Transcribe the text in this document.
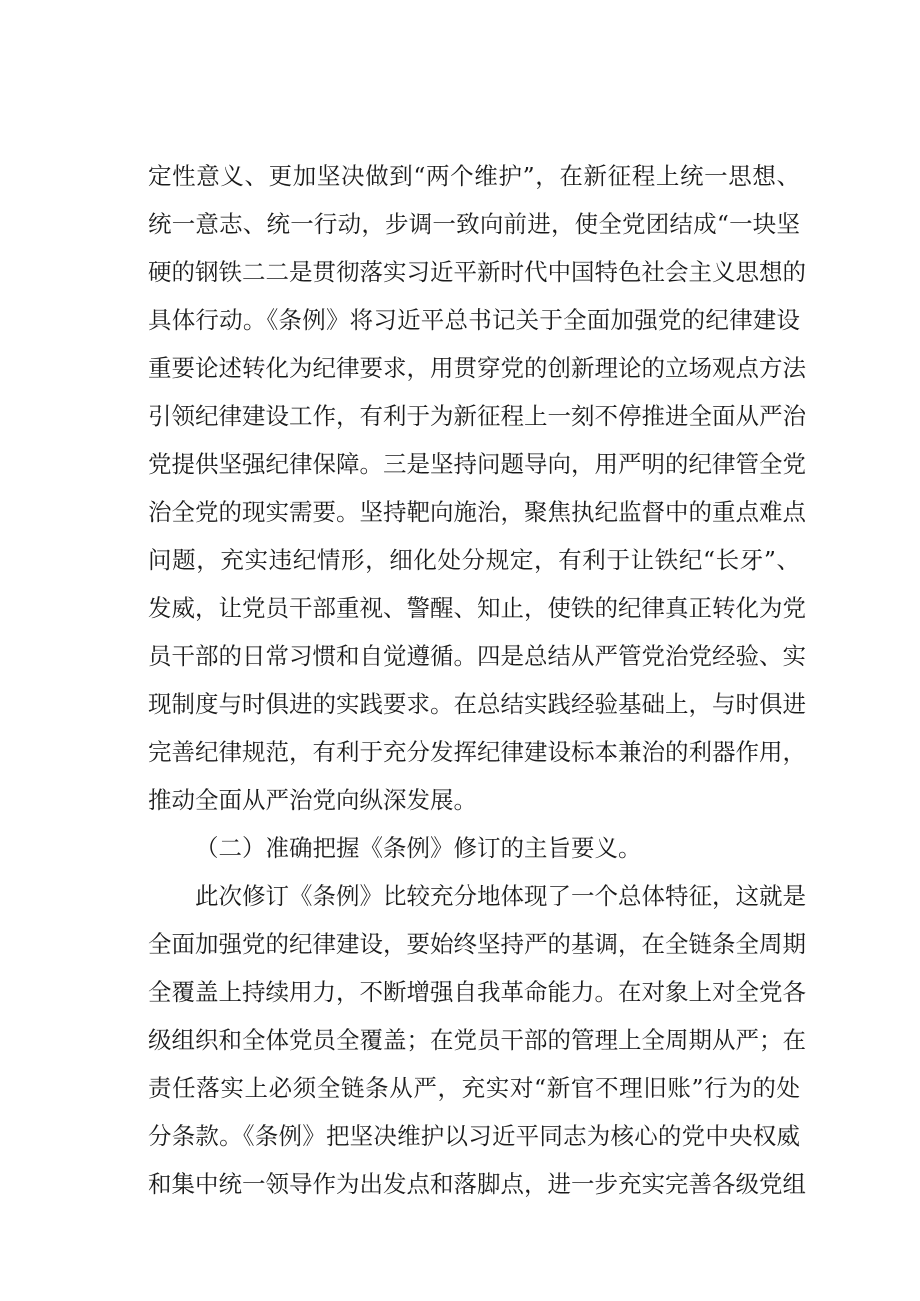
定性意义、更加坚决做到“两个维护”，在新征程上统一思想、
统一意志、统一行动，步调一致向前进，使全党团结成“一块坚
硬的钢铁二二是贯彻落实习近平新时代中国特色社会主义思想的
具体行动。《条例》将习近平总书记关于全面加强党的纪律建设
重要论述转化为纪律要求，用贯穿党的创新理论的立场观点方法
引领纪律建设工作，有利于为新征程上一刻不停推进全面从严治
党提供坚强纪律保障。三是坚持问题导向，用严明的纪律管全党
治全党的现实需要。坚持靶向施治，聚焦执纪监督中的重点难点
问题，充实违纪情形，细化处分规定，有利于让铁纪“长牙”、
发威，让党员干部重视、警醒、知止，使铁的纪律真正转化为党
员干部的日常习惯和自觉遵循。四是总结从严管党治党经验、实
现制度与时俱进的实践要求。在总结实践经验基础上，与时俱进
完善纪律规范，有利于充分发挥纪律建设标本兼治的利器作用，
推动全面从严治党向纵深发展。
（二）准确把握《条例》修订的主旨要义。
此次修订《条例》比较充分地体现了一个总体特征，这就是
全面加强党的纪律建设，要始终坚持严的基调，在全链条全周期
全覆盖上持续用力，不断增强自我革命能力。在对象上对全党各
级组织和全体党员全覆盖；在党员干部的管理上全周期从严；在
责任落实上必须全链条从严，充实对“新官不理旧账”行为的处
分条款。《条例》把坚决维护以习近平同志为核心的党中央权威
和集中统一领导作为出发点和落脚点，进一步充实完善各级党组
